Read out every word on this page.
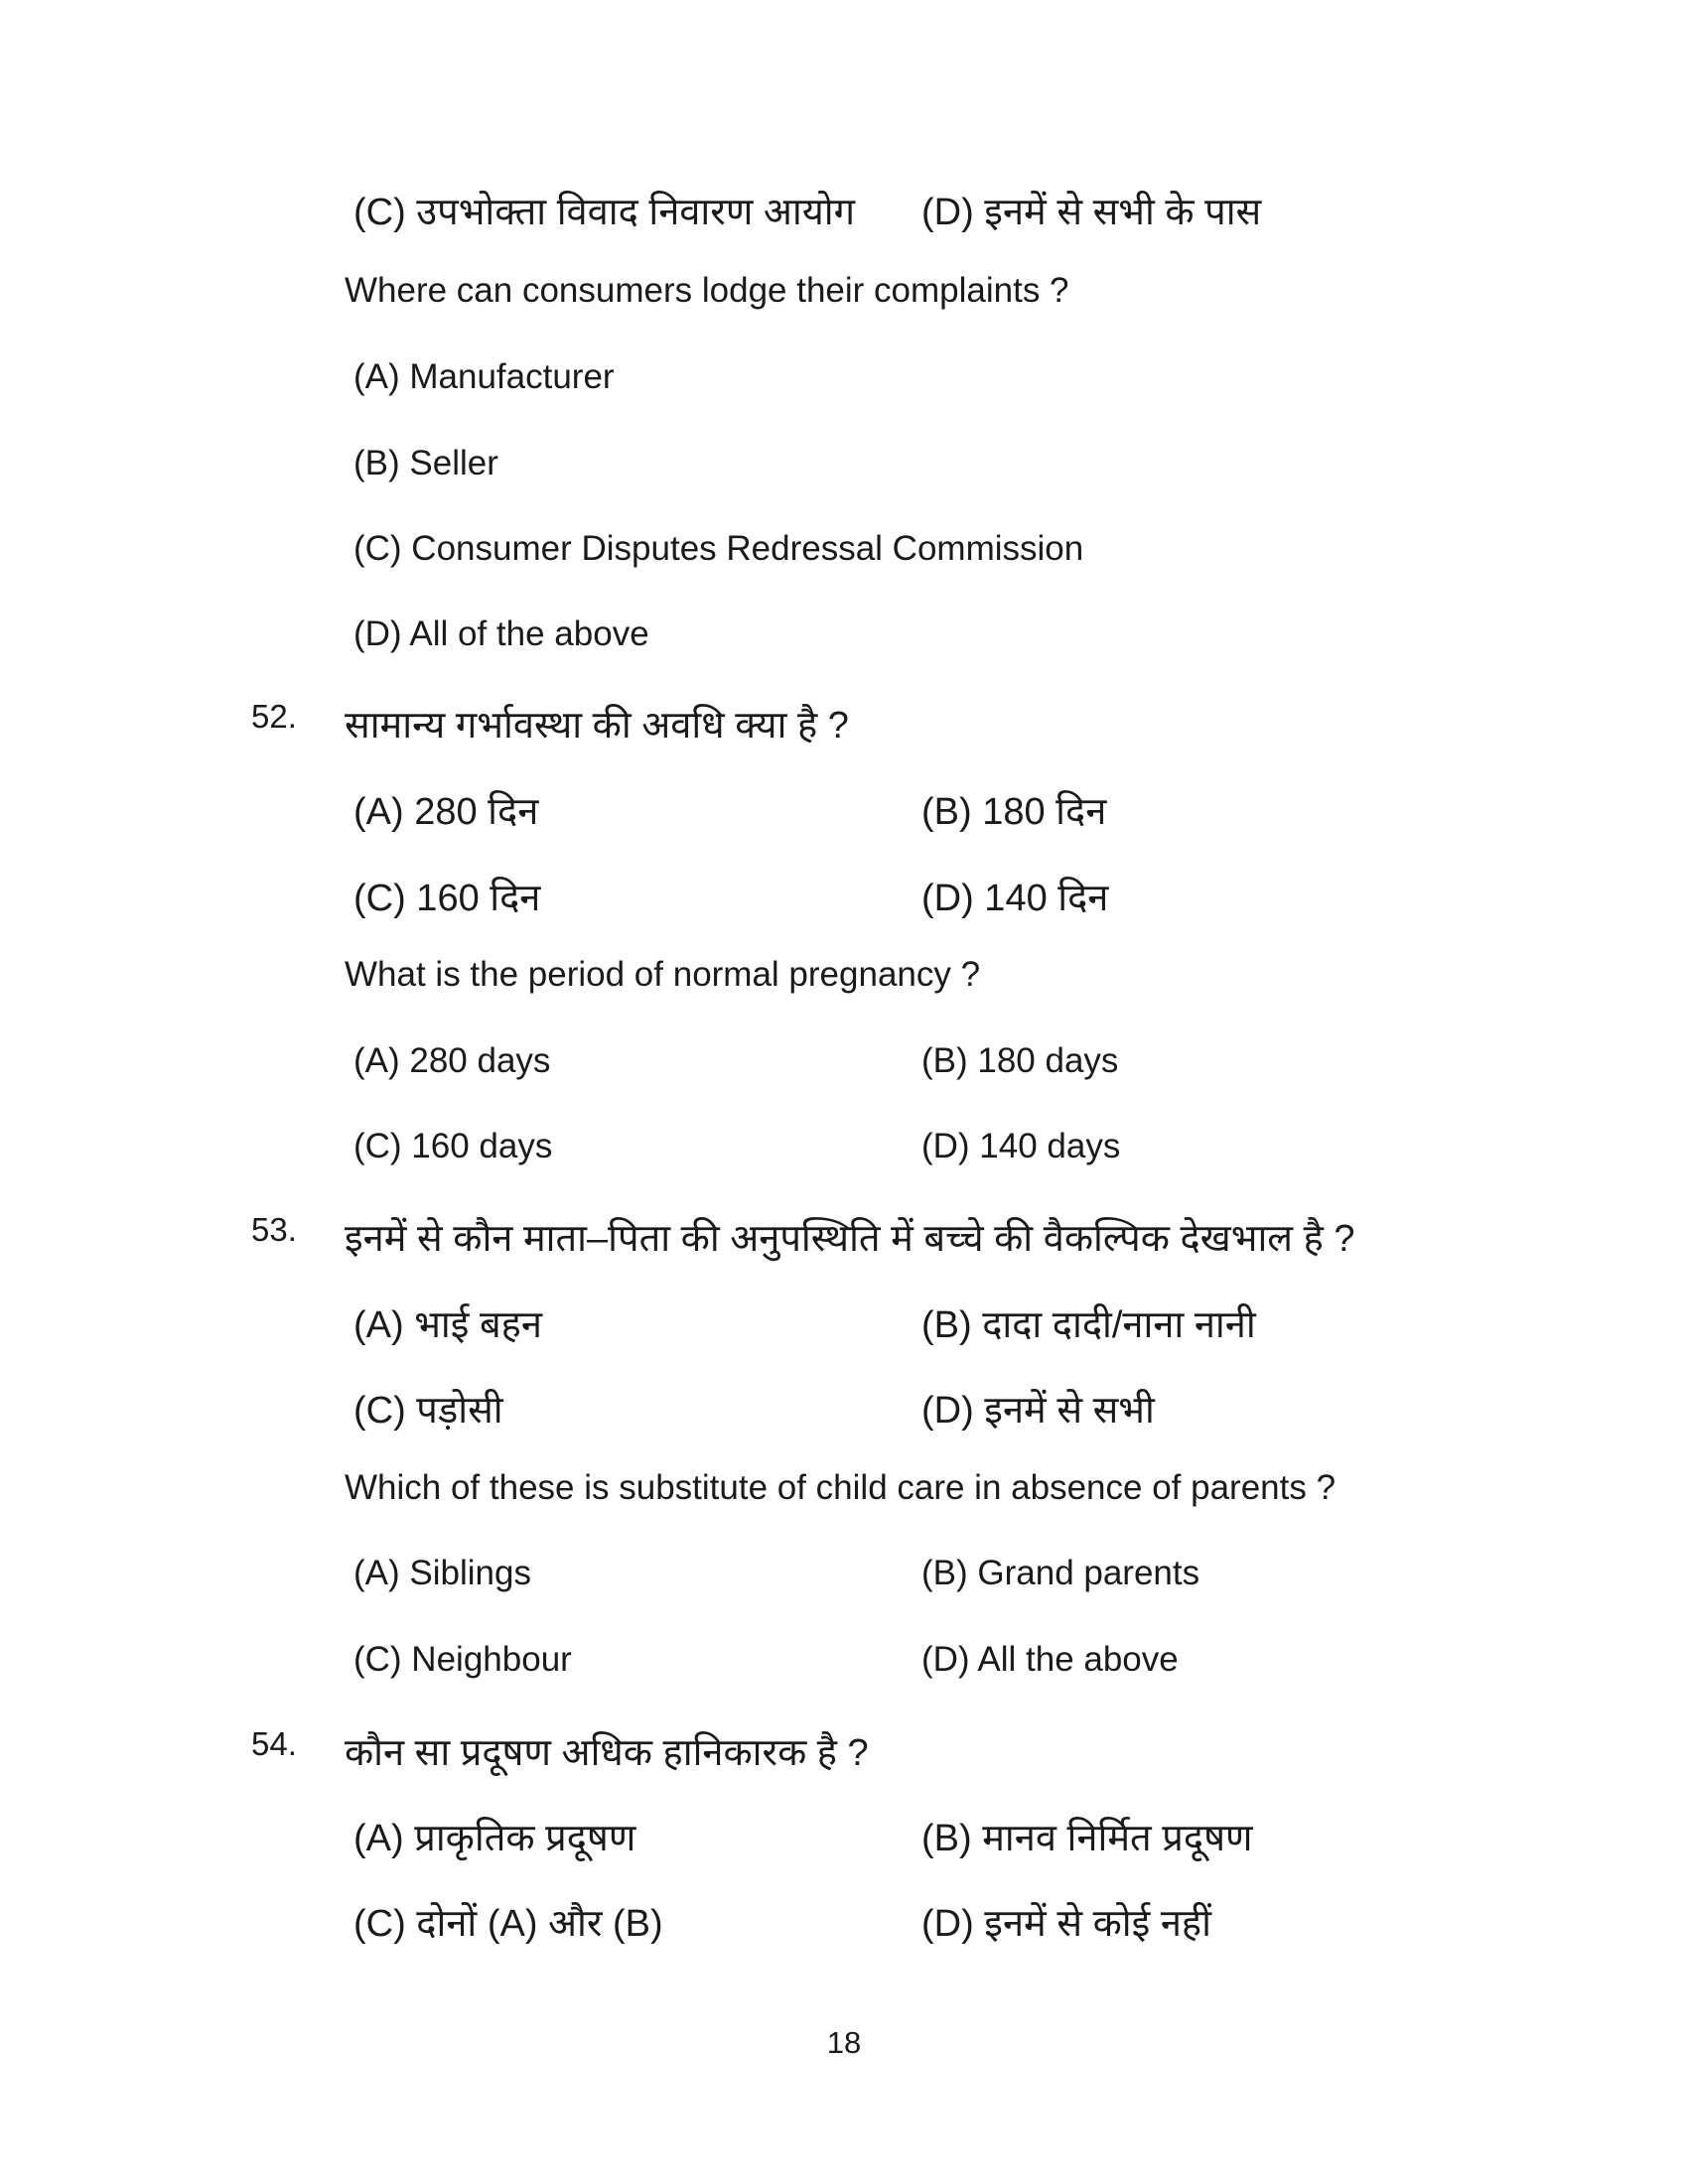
(C) उपभोक्ता विवाद निवारण आयोग (D) इनमें से सभी के पास
Where can consumers lodge their complaints ?
(A) Manufacturer
(B) Seller
(C) Consumer Disputes Redressal Commission
(D) All of the above
52. सामान्य गर्भावस्था की अवधि क्या है ?
(A) 280 दिन	(B) 180 दिन
(C) 160 दिन	(D) 140 दिन
What is the period of normal pregnancy ?
(A) 280 days	(B) 180 days
(C) 160 days	(D) 140 days
53. इनमें से कौन माता–पिता की अनुपस्थिति में बच्चे की वैकल्पिक देखभाल है ?
(A) भाई बहन	(B) दादा दादी/नाना नानी
(C) पड़ोसी	(D) इनमें से सभी
Which of these is substitute of child care in absence of parents ?
(A) Siblings	(B) Grand parents
(C) Neighbour	(D) All the above
54. कौन सा प्रदूषण अधिक हानिकारक है ?
(A) प्राकृतिक प्रदूषण	(B) मानव निर्मित प्रदूषण
(C) दोनों (A) और (B)	(D) इनमें से कोई नहीं
18
